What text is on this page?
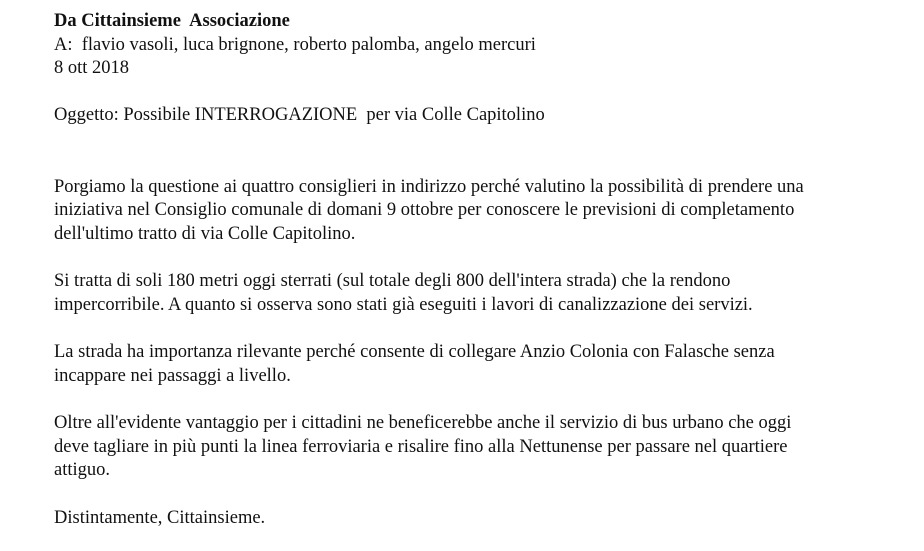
Da Cittainsieme  Associazione
A:  flavio vasoli, luca brignone, roberto palomba, angelo mercuri
8 ott 2018
Oggetto: Possibile INTERROGAZIONE  per via Colle Capitolino
Porgiamo la questione ai quattro consiglieri in indirizzo perché valutino la possibilità di prendere una
iniziativa nel Consiglio comunale di domani 9 ottobre per conoscere le previsioni di completamento
dell'ultimo tratto di via Colle Capitolino.
Si tratta di soli 180 metri oggi sterrati (sul totale degli 800 dell'intera strada) che la rendono
impercorribile. A quanto si osserva sono stati già eseguiti i lavori di canalizzazione dei servizi.
La strada ha importanza rilevante perché consente di collegare Anzio Colonia con Falasche senza
incappare nei passaggi a livello.
Oltre all'evidente vantaggio per i cittadini ne beneficerebbe anche il servizio di bus urbano che oggi
deve tagliare in più punti la linea ferroviaria e risalire fino alla Nettunense per passare nel quartiere
attiguo.
Distintamente, Cittainsieme.
